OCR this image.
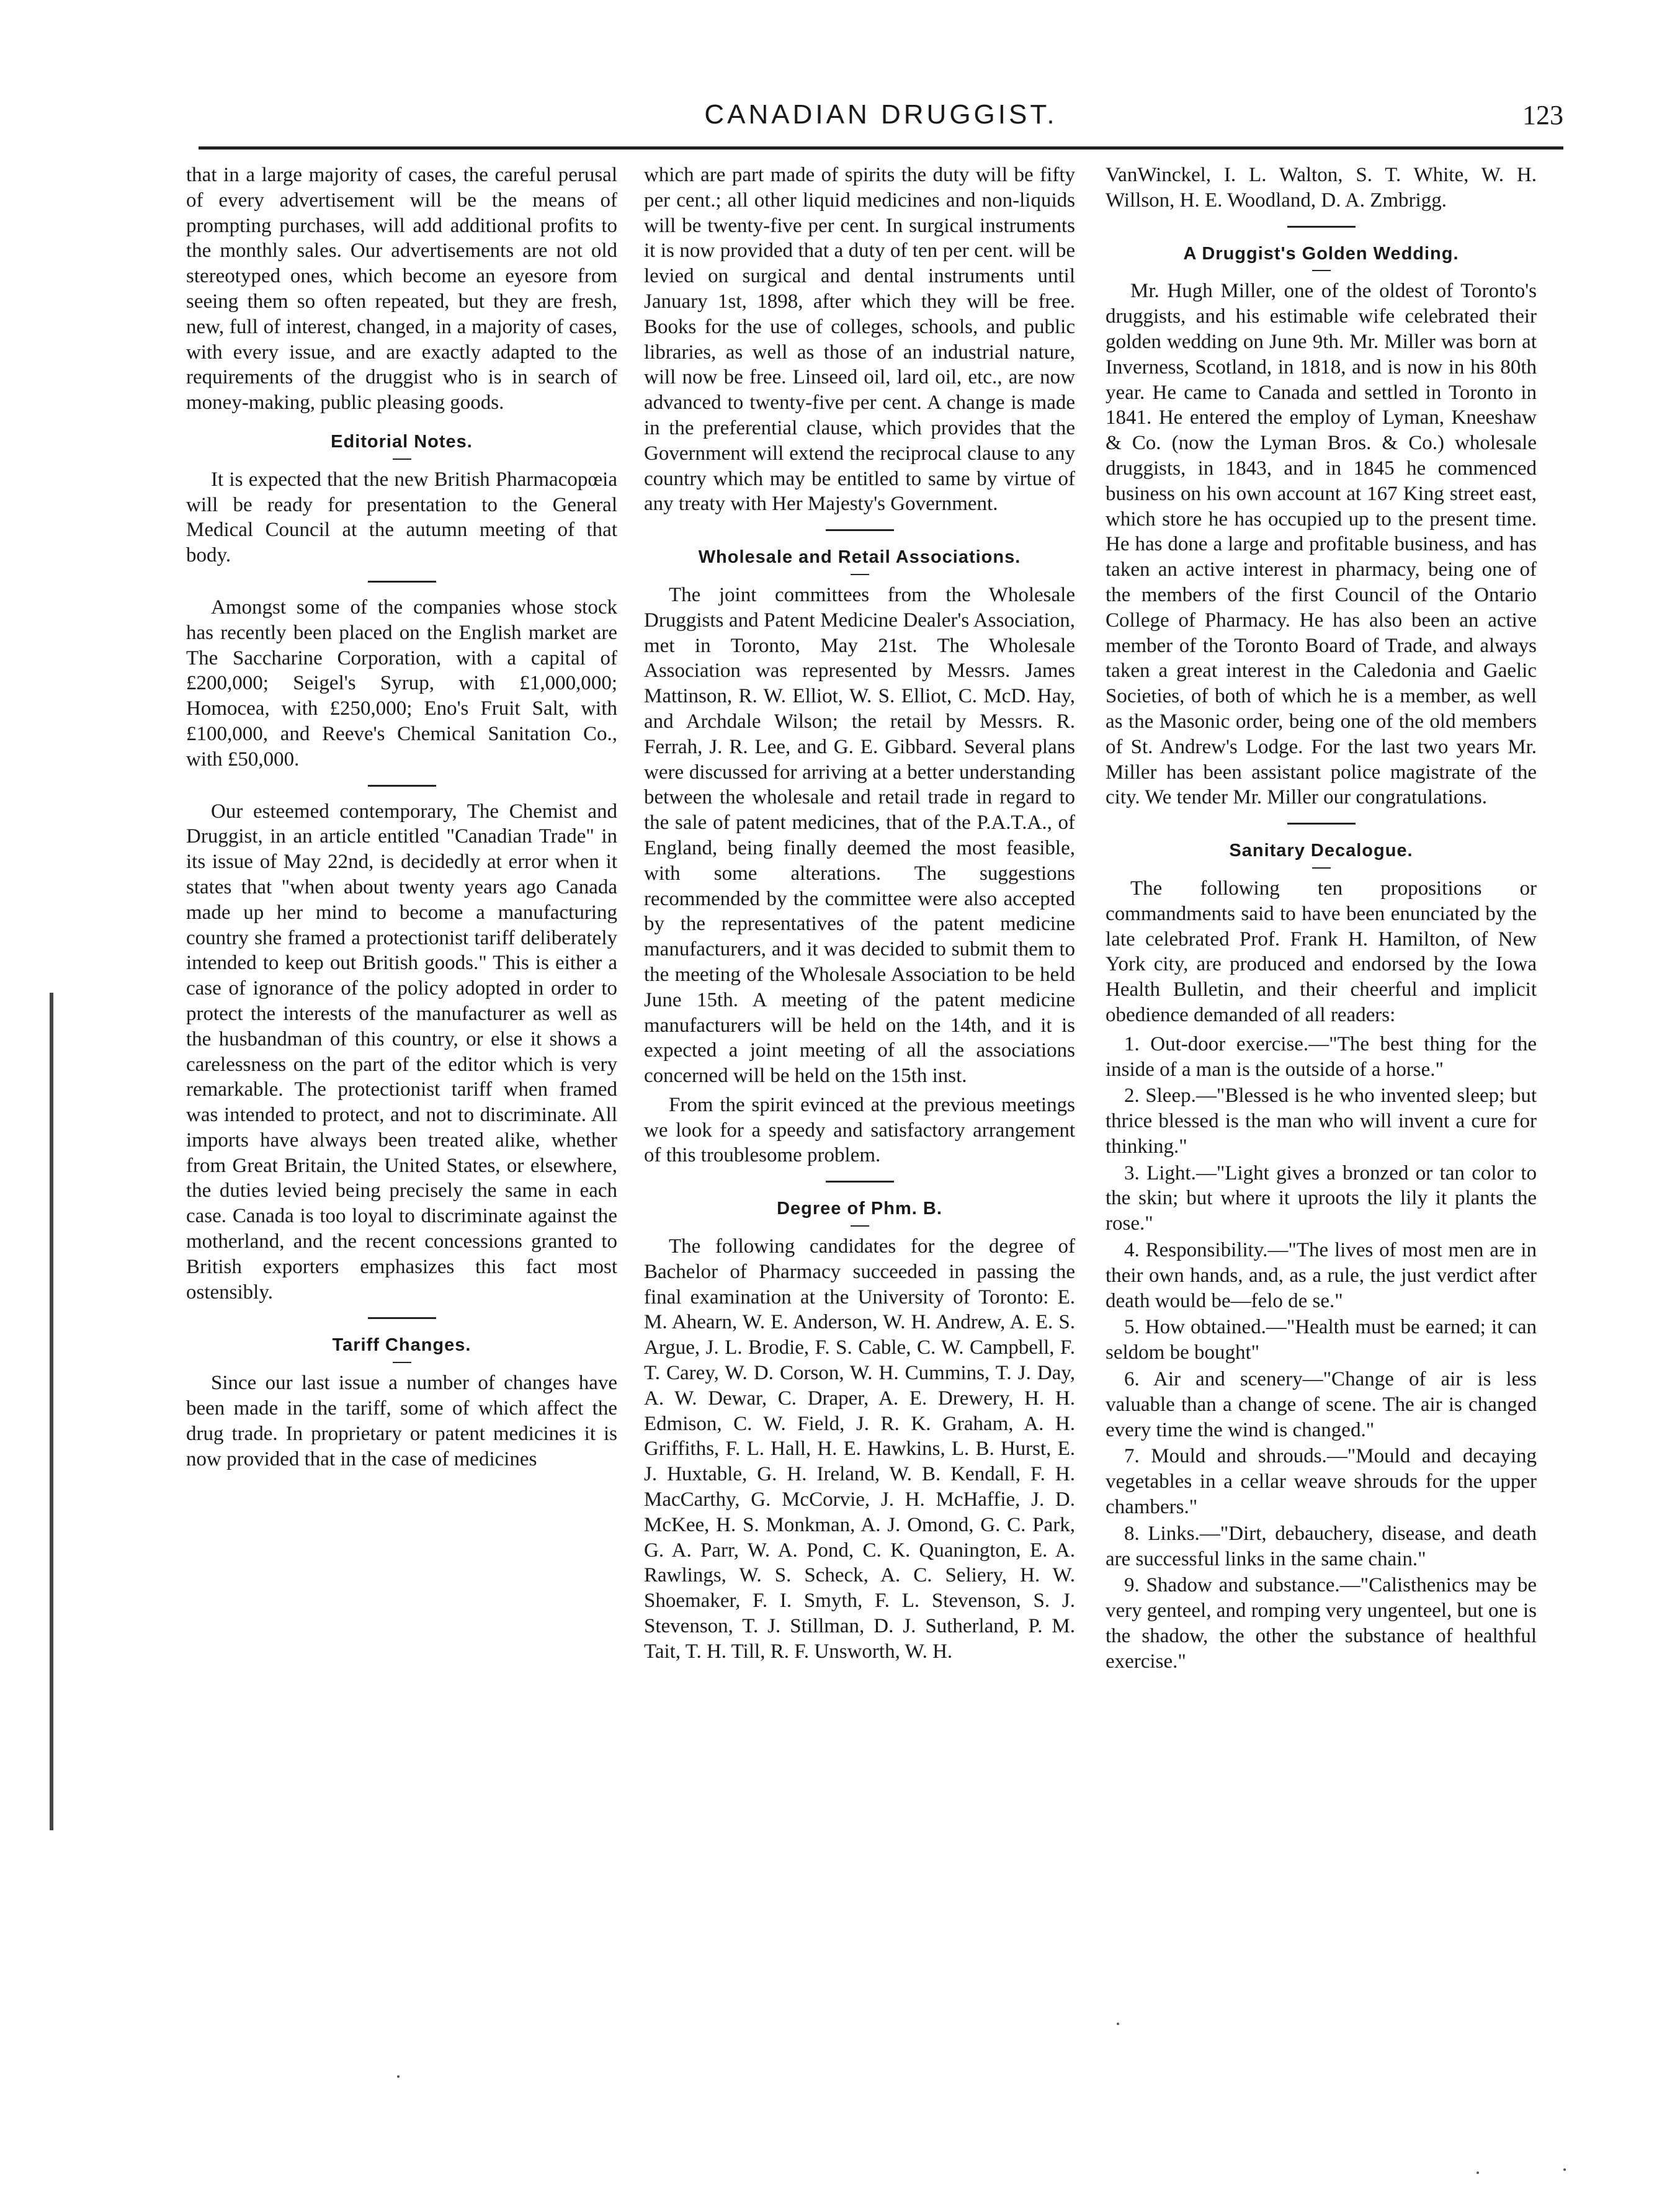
CANADIAN DRUGGIST.	123

that in a large majority of cases, the careful perusal of every advertisement will be the means of prompting purchases, will add additional profits to the monthly sales. Our advertisements are not old stereotyped ones, which become an eyesore from seeing them so often repeated, but they are fresh, new, full of interest, changed, in a majority of cases, with every issue, and are exactly adapted to the requirements of the druggist who is in search of money-making, public pleasing goods.

Editorial Notes.

It is expected that the new British Pharmacopœia will be ready for presentation to the General Medical Council at the autumn meeting of that body.

Amongst some of the companies whose stock has recently been placed on the English market are The Saccharine Corporation, with a capital of £200,000; Seigel's Syrup, with £1,000,000; Homocea, with £250,000; Eno's Fruit Salt, with £100,000, and Reeve's Chemical Sanitation Co., with £50,000.

Our esteemed contemporary, The Chemist and Druggist, in an article entitled "Canadian Trade" in its issue of May 22nd, is decidedly at error when it states that "when about twenty years ago Canada made up her mind to become a manufacturing country she framed a protectionist tariff deliberately intended to keep out British goods." This is either a case of ignorance of the policy adopted in order to protect the interests of the manufacturer as well as the husbandman of this country, or else it shows a carelessness on the part of the editor which is very remarkable. The protectionist tariff when framed was intended to protect, and not to discriminate. All imports have always been treated alike, whether from Great Britain, the United States, or elsewhere, the duties levied being precisely the same in each case. Canada is too loyal to discriminate against the motherland, and the recent concessions granted to British exporters emphasizes this fact most ostensibly.

Tariff Changes.

Since our last issue a number of changes have been made in the tariff, some of which affect the drug trade. In proprietary or patent medicines it is now provided that in the case of medicines

which are part made of spirits the duty will be fifty per cent.; all other liquid medicines and non-liquids will be twenty-five per cent. In surgical instruments it is now provided that a duty of ten per cent. will be levied on surgical and dental instruments until January 1st, 1898, after which they will be free. Books for the use of colleges, schools, and public libraries, as well as those of an industrial nature, will now be free. Linseed oil, lard oil, etc., are now advanced to twenty-five per cent. A change is made in the preferential clause, which provides that the Government will extend the reciprocal clause to any country which may be entitled to same by virtue of any treaty with Her Majesty's Government.

Wholesale and Retail Associations.

The joint committees from the Wholesale Druggists and Patent Medicine Dealer's Association, met in Toronto, May 21st. The Wholesale Association was represented by Messrs. James Mattinson, R. W. Elliot, W. S. Elliot, C. McD. Hay, and Archdale Wilson; the retail by Messrs. R. Ferrah, J. R. Lee, and G. E. Gibbard. Several plans were discussed for arriving at a better understanding between the wholesale and retail trade in regard to the sale of patent medicines, that of the P.A.T.A., of England, being finally deemed the most feasible, with some alterations. The suggestions recommended by the committee were also accepted by the representatives of the patent medicine manufacturers, and it was decided to submit them to the meeting of the Wholesale Association to be held June 15th. A meeting of the patent medicine manufacturers will be held on the 14th, and it is expected a joint meeting of all the associations concerned will be held on the 15th inst.

From the spirit evinced at the previous meetings we look for a speedy and satisfactory arrangement of this troublesome problem.

Degree of Phm. B.

The following candidates for the degree of Bachelor of Pharmacy succeeded in passing the final examination at the University of Toronto: E. M. Ahearn, W. E. Anderson, W. H. Andrew, A. E. S. Argue, J. L. Brodie, F. S. Cable, C. W. Campbell, F. T. Carey, W. D. Corson, W. H. Cummins, T. J. Day, A. W. Dewar, C. Draper, A. E. Drewery, H. H. Edmison, C. W. Field, J. R. K. Graham, A. H. Griffiths, F. L. Hall, H. E. Hawkins, L. B. Hurst, E. J. Huxtable, G. H. Ireland, W. B. Kendall, F. H. MacCarthy, G. McCorvie, J. H. McHaffie, J. D. McKee, H. S. Monkman, A. J. Omond, G. C. Park, G. A. Parr, W. A. Pond, C. K. Quanington, E. A. Rawlings, W. S. Scheck, A. C. Seliery, H. W. Shoemaker, F. I. Smyth, F. L. Stevenson, S. J. Stevenson, T. J. Stillman, D. J. Sutherland, P. M. Tait, T. H. Till, R. F. Unsworth, W. H.

VanWinckel, I. L. Walton, S. T. White, W. H. Willson, H. E. Woodland, D. A. Zmbrigg.

A Druggist's Golden Wedding.

Mr. Hugh Miller, one of the oldest of Toronto's druggists, and his estimable wife celebrated their golden wedding on June 9th. Mr. Miller was born at Inverness, Scotland, in 1818, and is now in his 80th year. He came to Canada and settled in Toronto in 1841. He entered the employ of Lyman, Kneeshaw & Co. (now the Lyman Bros. & Co.) wholesale druggists, in 1843, and in 1845 he commenced business on his own account at 167 King street east, which store he has occupied up to the present time. He has done a large and profitable business, and has taken an active interest in pharmacy, being one of the members of the first Council of the Ontario College of Pharmacy. He has also been an active member of the Toronto Board of Trade, and always taken a great interest in the Caledonia and Gaelic Societies, of both of which he is a member, as well as the Masonic order, being one of the old members of St. Andrew's Lodge. For the last two years Mr. Miller has been assistant police magistrate of the city. We tender Mr. Miller our congratulations.

Sanitary Decalogue.

The following ten propositions or commandments said to have been enunciated by the late celebrated Prof. Frank H. Hamilton, of New York city, are produced and endorsed by the Iowa Health Bulletin, and their cheerful and implicit obedience demanded of all readers:

1. Out-door exercise.—"The best thing for the inside of a man is the outside of a horse."

2. Sleep.—"Blessed is he who invented sleep; but thrice blessed is the man who will invent a cure for thinking."

3. Light.—"Light gives a bronzed or tan color to the skin; but where it uproots the lily it plants the rose."

4. Responsibility.—"The lives of most men are in their own hands, and, as a rule, the just verdict after death would be—felo de se."

5. How obtained.—"Health must be earned; it can seldom be bought"

6. Air and scenery—"Change of air is less valuable than a change of scene. The air is changed every time the wind is changed."

7. Mould and shrouds.—"Mould and decaying vegetables in a cellar weave shrouds for the upper chambers."

8. Links.—"Dirt, debauchery, disease, and death are successful links in the same chain."

9. Shadow and substance.—"Calisthenics may be very genteel, and romping very ungenteel, but one is the shadow, the other the substance of healthful exercise."
